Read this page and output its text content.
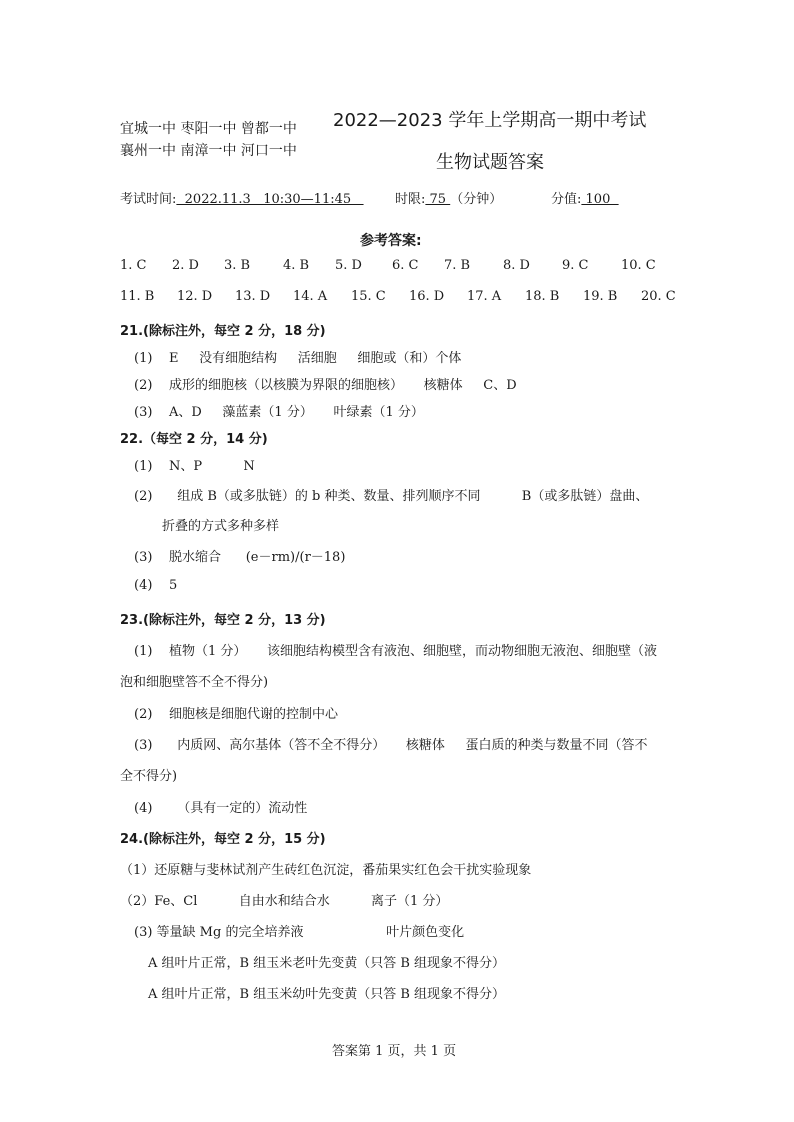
宜城一中 枣阳一中 曾都一中
襄州一中 南漳一中 河口一中
2022—2023 学年上学期高一期中考试
生物试题答案
考试时间:  2022.11.3   10:30—11:45 时限: 75 （分钟）	分值: 100
参考答案:
1. C 2. D 3. B	4. B 5. D 6. C 7. B	8. D 9. C	10. C
11. B 12. D 13. D 14. A 15. C 16. D 17. A 18. B 19. B 20. C
21.(除标注外，每空 2 分，18 分)
(1)    E     没有细胞结构     活细胞     细胞或（和）个体
(2)    成形的细胞核（以核膜为界限的细胞核）     核糖体     C、D
(3)    A、D     藻蓝素（1 分）     叶绿素（1 分）
22.（每空 2 分，14 分)
(1)    N、P          N
(2)      组成 B（或多肽链）的 b 种类、数量、排列顺序不同          B（或多肽链）盘曲、
折叠的方式多种多样
(3)    脱水缩合      (e－rm)/(r－18)
(4)    5
23.(除标注外，每空 2 分，13 分)
(1)    植物（1 分）     该细胞结构模型含有液泡、细胞壁，而动物细胞无液泡、细胞壁（液
泡和细胞壁答不全不得分)
(2)    细胞核是细胞代谢的控制中心
(3)      内质网、高尔基体（答不全不得分）     核糖体     蛋白质的种类与数量不同（答不
全不得分)
(4)      （具有一定的）流动性
24.(除标注外，每空 2 分，15 分)
（1）还原糖与斐林试剂产生砖红色沉淀，番茄果实红色会干扰实验现象
（2）Fe、Cl          自由水和结合水          离子（1 分）
(3) 等量缺 Mg 的完全培养液                    叶片颜色变化
A 组叶片正常，B 组玉米老叶先变黄（只答 B 组现象不得分）
A 组叶片正常，B 组玉米幼叶先变黄（只答 B 组现象不得分）
答案第 1 页，共 1 页
